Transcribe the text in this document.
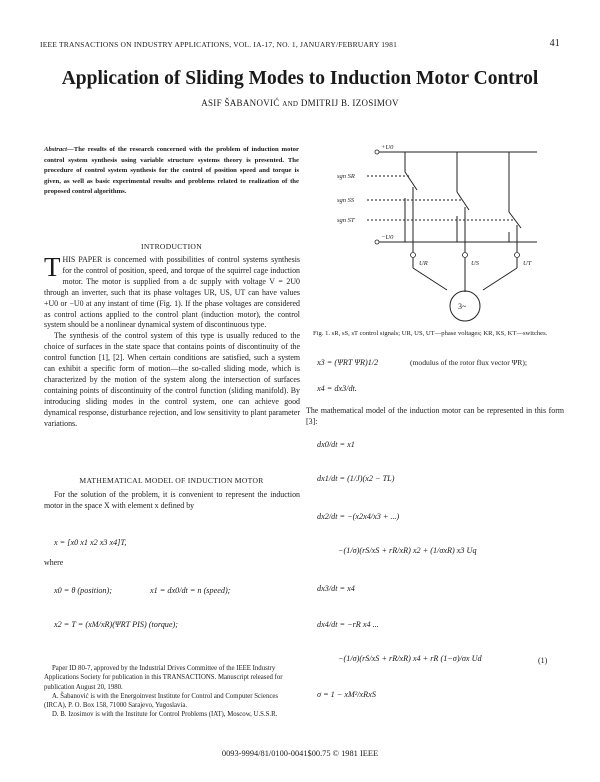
IEEE TRANSACTIONS ON INDUSTRY APPLICATIONS, VOL. IA-17, NO. 1, JANUARY/FEBRUARY 1981	41
Application of Sliding Modes to Induction Motor Control
ASIF ŠABANOVIĆ AND DMITRIJ B. IZOSIMOV
Abstract—The results of the research concerned with the problem of induction motor control system synthesis using variable structure systems theory is presented. The procedure of control system synthesis for the control of position speed and torque is given, as well as basic experimental results and problems related to realization of the proposed control algorithms.
INTRODUCTION

THIS PAPER is concerned with possibilities of control systems synthesis for the control of position, speed, and torque of the squirrel cage induction motor. The motor is supplied from a dc supply with voltage V = 2U0 through an inverter, such that its phase voltages UR, US, UT can have values +U0 or −U0 at any instant of time (Fig. 1). If the phase voltages are considered as control actions applied to the control plant (induction motor), the control system should be a nonlinear dynamical system of discontinuous type.

The synthesis of the control system of this type is usually reduced to the choice of surfaces in the state space that contains points of discontinuity of the control function [1], [2]. When certain conditions are satisfied, such a system can exhibit a specific form of motion—the so-called sliding mode, which is characterized by the motion of the system along the intersection of surfaces containing points of discontinuity of the control function (sliding manifold). By introducing sliding modes in the control system, one can achieve good dynamical response, disturbance rejection, and low sensitivity to plant parameter variations.

MATHEMATICAL MODEL OF INDUCTION MOTOR

For the solution of the problem, it is convenient to represent the induction motor in the space X with element x defined by

x = [x0 x1 x2 x3 x4]T,
where
x0 = θ (position);	x1 = dx0/dt = n (speed);
x2 = T = (xM/xR)(ΨRT PIS) (torque);
Paper ID 80-7, approved by the Industrial Drives Committee of the IEEE Industry Applications Society for publication in this TRANSACTIONS. Manuscript released for publication August 20, 1980.
A. Šabanović is with the Energoinvest Institute for Control and Computer Sciences (IRCA), P. O. Box 158, 71000 Sarajevo, Yugoslavia.
D. B. Izosimov is with the Institute for Control Problems (IAT), Moscow, U.S.S.R.
0093-9994/81/0100-0041$00.75 © 1981 IEEE
+U0
−U0
sgn SR
sgn SS
sgn ST
UR	US	UT
3~
Fig. 1. sR, sS, sT control signals; UR, US, UT—phase voltages; KR, KS, KT—switches.
x3 = (ΨRT ΨR)1/2	(modulus of the rotor flux vector ΨR);
x4 = dx3/dt.
The mathematical model of the induction motor can be represented in this form [3]:
dx0/dt = x1
dx1/dt = (1/J)(x2 − TL)
dx2/dt = −(x2x4/x3 + ...)
−(1/σ)(rS/xS + rR/xR) x2 + (1/σxR) x3 Uq
dx3/dt = x4
dx4/dt = −rR x4 ...
−(1/σ)(rS/xS + rR/xR) x4 + rR (1−σ)/σx Ud	(1)
σ = 1 − xM²/xRxS
